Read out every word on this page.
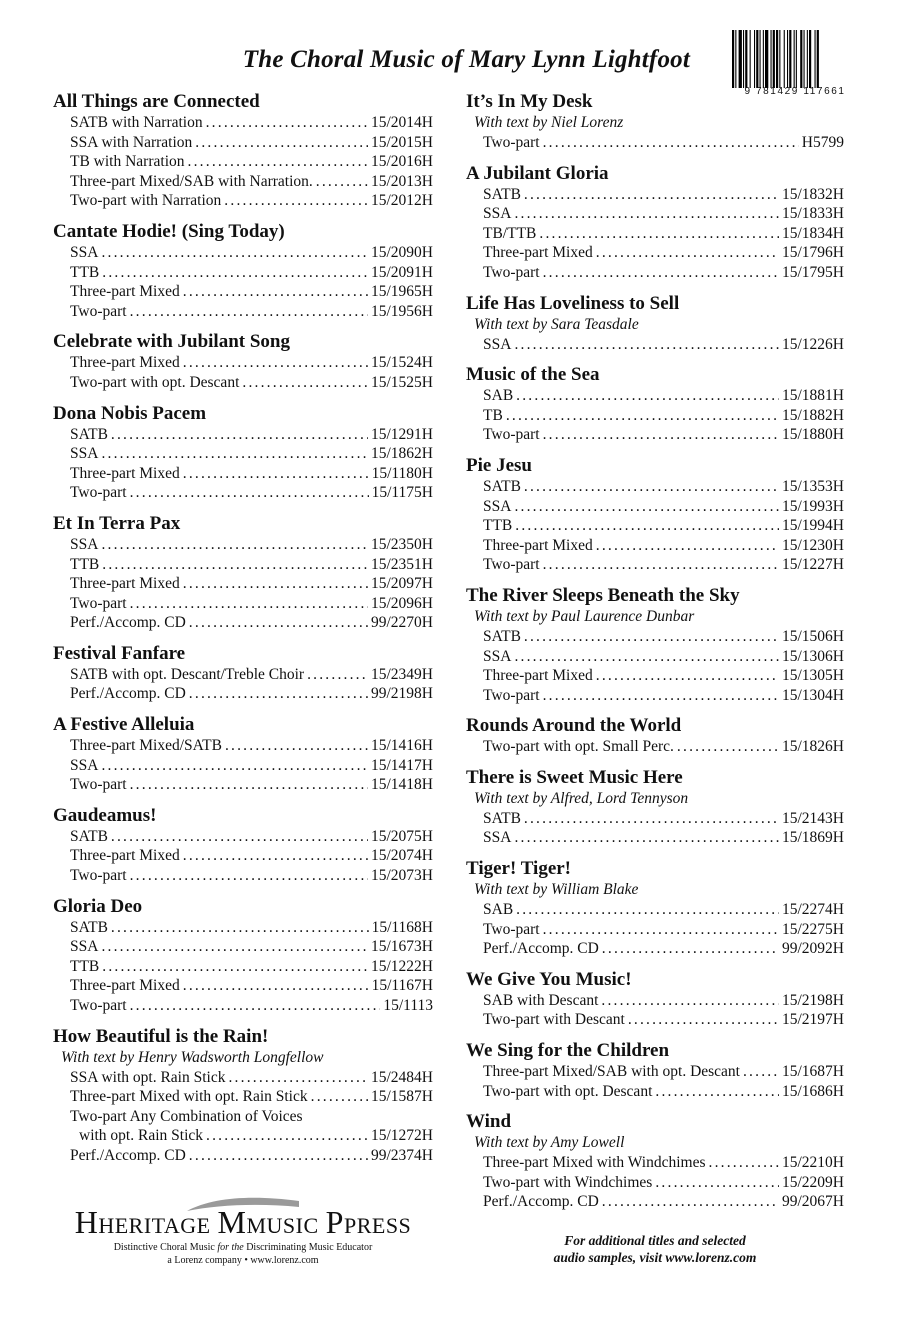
The Choral Music of Mary Lynn Lightfoot
9 781429 117661
All Things are Connected
SATB with Narration .....	15/2014H
SSA with Narration .....	15/2015H
TB with Narration .....	15/2016H
Three-part Mixed/SAB with Narration. .....	15/2013H
Two-part with Narration .....	15/2012H
Cantate Hodie! (Sing Today)
SSA .....	15/2090H
TTB .....	15/2091H
Three-part Mixed .....	15/1965H
Two-part .....	15/1956H
Celebrate with Jubilant Song
Three-part Mixed .....	15/1524H
Two-part with opt. Descant .....	15/1525H
Dona Nobis Pacem
SATB .....	15/1291H
SSA .....	15/1862H
Three-part Mixed .....	15/1180H
Two-part .....	15/1175H
Et In Terra Pax
SSA .....	15/2350H
TTB .....	15/2351H
Three-part Mixed .....	15/2097H
Two-part .....	15/2096H
Perf./Accomp. CD .....	99/2270H
Festival Fanfare
SATB with opt. Descant/Treble Choir .....	15/2349H
Perf./Accomp. CD .....	99/2198H
A Festive Alleluia
Three-part Mixed/SATB .....	15/1416H
SSA .....	15/1417H
Two-part .....	15/1418H
Gaudeamus!
SATB .....	15/2075H
Three-part Mixed .....	15/2074H
Two-part .....	15/2073H
Gloria Deo
SATB .....	15/1168H
SSA .....	15/1673H
TTB .....	15/1222H
Three-part Mixed .....	15/1167H
Two-part .....	15/1113
How Beautiful is the Rain!
With text by Henry Wadsworth Longfellow
SSA with opt. Rain Stick .....	15/2484H
Three-part Mixed with opt. Rain Stick .....	15/1587H
Two-part Any Combination of Voices
with opt. Rain Stick .....	15/1272H
Perf./Accomp. CD .....	99/2374H
It’s In My Desk
With text by Niel Lorenz
Two-part .....	H5799
A Jubilant Gloria
SATB .....	15/1832H
SSA .....	15/1833H
TB/TTB .....	15/1834H
Three-part Mixed .....	15/1796H
Two-part .....	15/1795H
Life Has Loveliness to Sell
With text by Sara Teasdale
SSA .....	15/1226H
Music of the Sea
SAB .....	15/1881H
TB .....	15/1882H
Two-part .....	15/1880H
Pie Jesu
SATB .....	15/1353H
SSA .....	15/1993H
TTB .....	15/1994H
Three-part Mixed .....	15/1230H
Two-part .....	15/1227H
The River Sleeps Beneath the Sky
With text by Paul Laurence Dunbar
SATB .....	15/1506H
SSA .....	15/1306H
Three-part Mixed .....	15/1305H
Two-part .....	15/1304H
Rounds Around the World
Two-part with opt. Small Perc. .....	15/1826H
There is Sweet Music Here
With text by Alfred, Lord Tennyson
SATB .....	15/2143H
SSA .....	15/1869H
Tiger! Tiger!
With text by William Blake
SAB .....	15/2274H
Two-part .....	15/2275H
Perf./Accomp. CD .....	99/2092H
We Give You Music!
SAB with Descant .....	15/2198H
Two-part with Descant .....	15/2197H
We Sing for the Children
Three-part Mixed/SAB with opt. Descant .....	15/1687H
Two-part with opt. Descant .....	15/1686H
Wind
With text by Amy Lowell
Three-part Mixed with Windchimes .....	15/2210H
Two-part with Windchimes .....	15/2209H
Perf./Accomp. CD .....	99/2067H
HHERITAGE MMUSIC PPRESS
Distinctive Choral Music for the Discriminating Music Educator
a Lorenz company • www.lorenz.com
For additional titles and selected
audio samples, visit www.lorenz.com
